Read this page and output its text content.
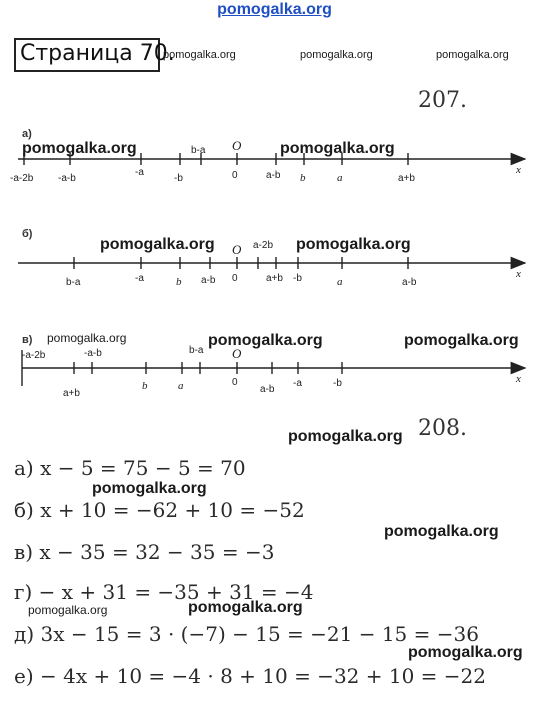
pomogalka.org
Страница 70.
pomogalka.org	pomogalka.org	pomogalka.org
207.
а)
б)
в)
-a-2b -a-b
-a
-b	0
b-a O
a-b b	a	a+b
x
b-a	-a	b a-b
O
0
a-2b
a+b -b	a	a-b
x
-a-2b	-a-b
a+b
b	a
b-a O
0
a-b
-a	-b	x
pomogalka.org	pomogalka.org
pomogalka.org	pomogalka.org
pomogalka.org	pomogalka.org	pomogalka.org
pomogalka.org 208.
а) x − 5 = 75 − 5 = 70
pomogalka.org
б) x + 10 = −62 + 10 = −52
pomogalka.org
в) x − 35 = 32 − 35 = −3
г) − x + 31 = −35 + 31 = −4
pomogalka.org	pomogalka.org
д) 3x − 15 = 3 · (−7) − 15 = −21 − 15 = −36
pomogalka.org
е) − 4x + 10 = −4 · 8 + 10 = −32 + 10 = −22
